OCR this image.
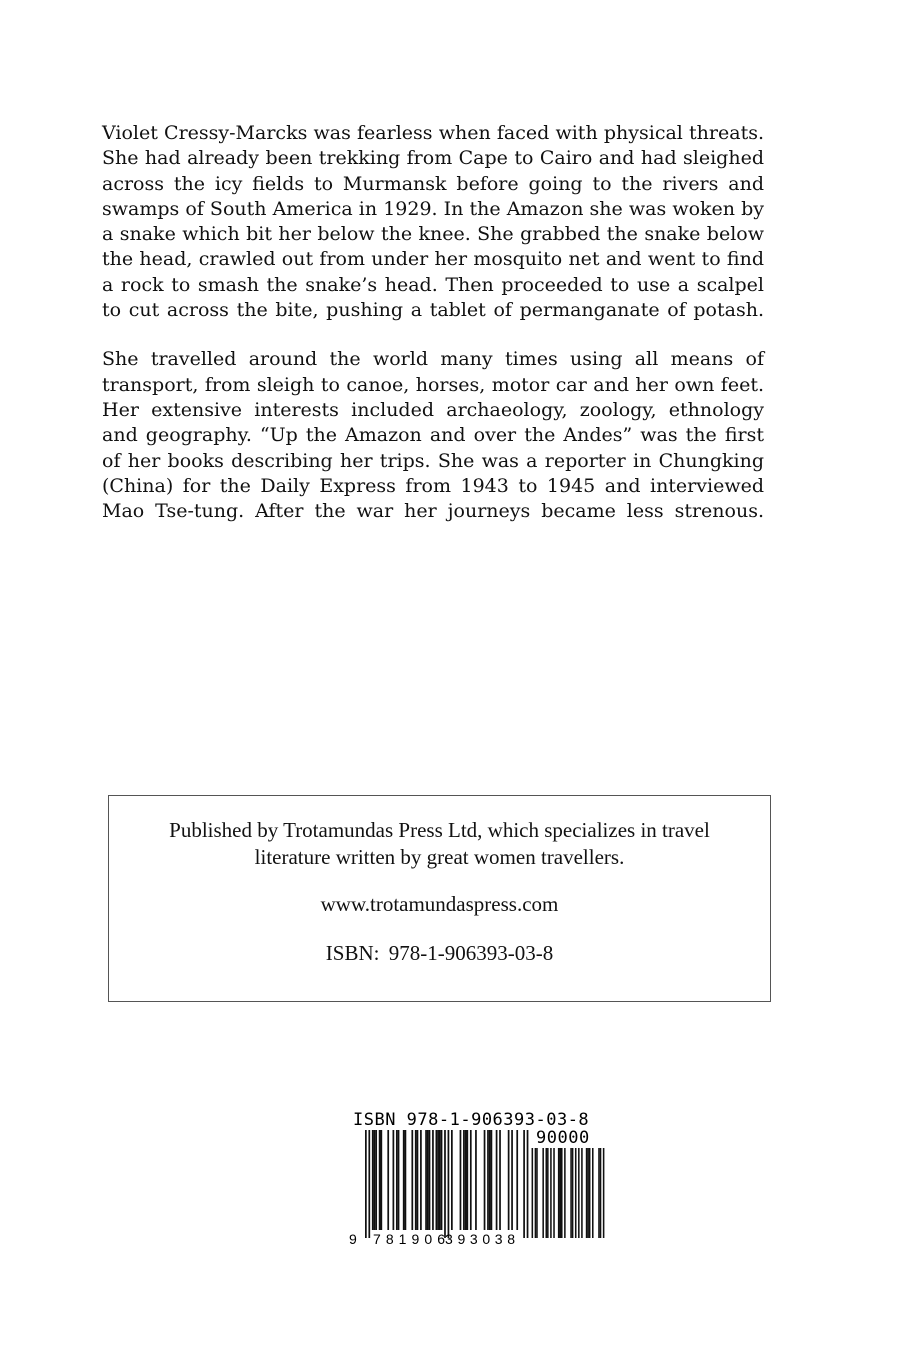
Violet Cressy-Marcks was fearless when faced with physical threats. She had already been trekking from Cape to Cairo and had sleighed across the icy fields to Murmansk before going to the rivers and swamps of South America in 1929. In the Amazon she was woken by a snake which bit her below the knee. She grabbed the snake below the head, crawled out from under her mosquito net and went to find a rock to smash the snake’s head. Then proceeded to use a scalpel to cut across the bite, pushing a tablet of permanganate of potash.

She travelled around the world many times using all means of transport, from sleigh to canoe, horses, motor car and her own feet. Her extensive interests included archaeology, zoology, ethnology and geography. “Up the Amazon and over the Andes” was the first of her books describing her trips. She was a reporter in Chungking (China) for the Daily Express from 1943 to 1945 and interviewed Mao Tse-tung. After the war her journeys became less strenous.

Published by Trotamundas Press Ltd, which specializes in travel literature written by great women travellers.
www.trotamundaspress.com
ISBN: 978-1-906393-03-8
ISBN 978-1-906393-03-8
90000
9 781906 393038
